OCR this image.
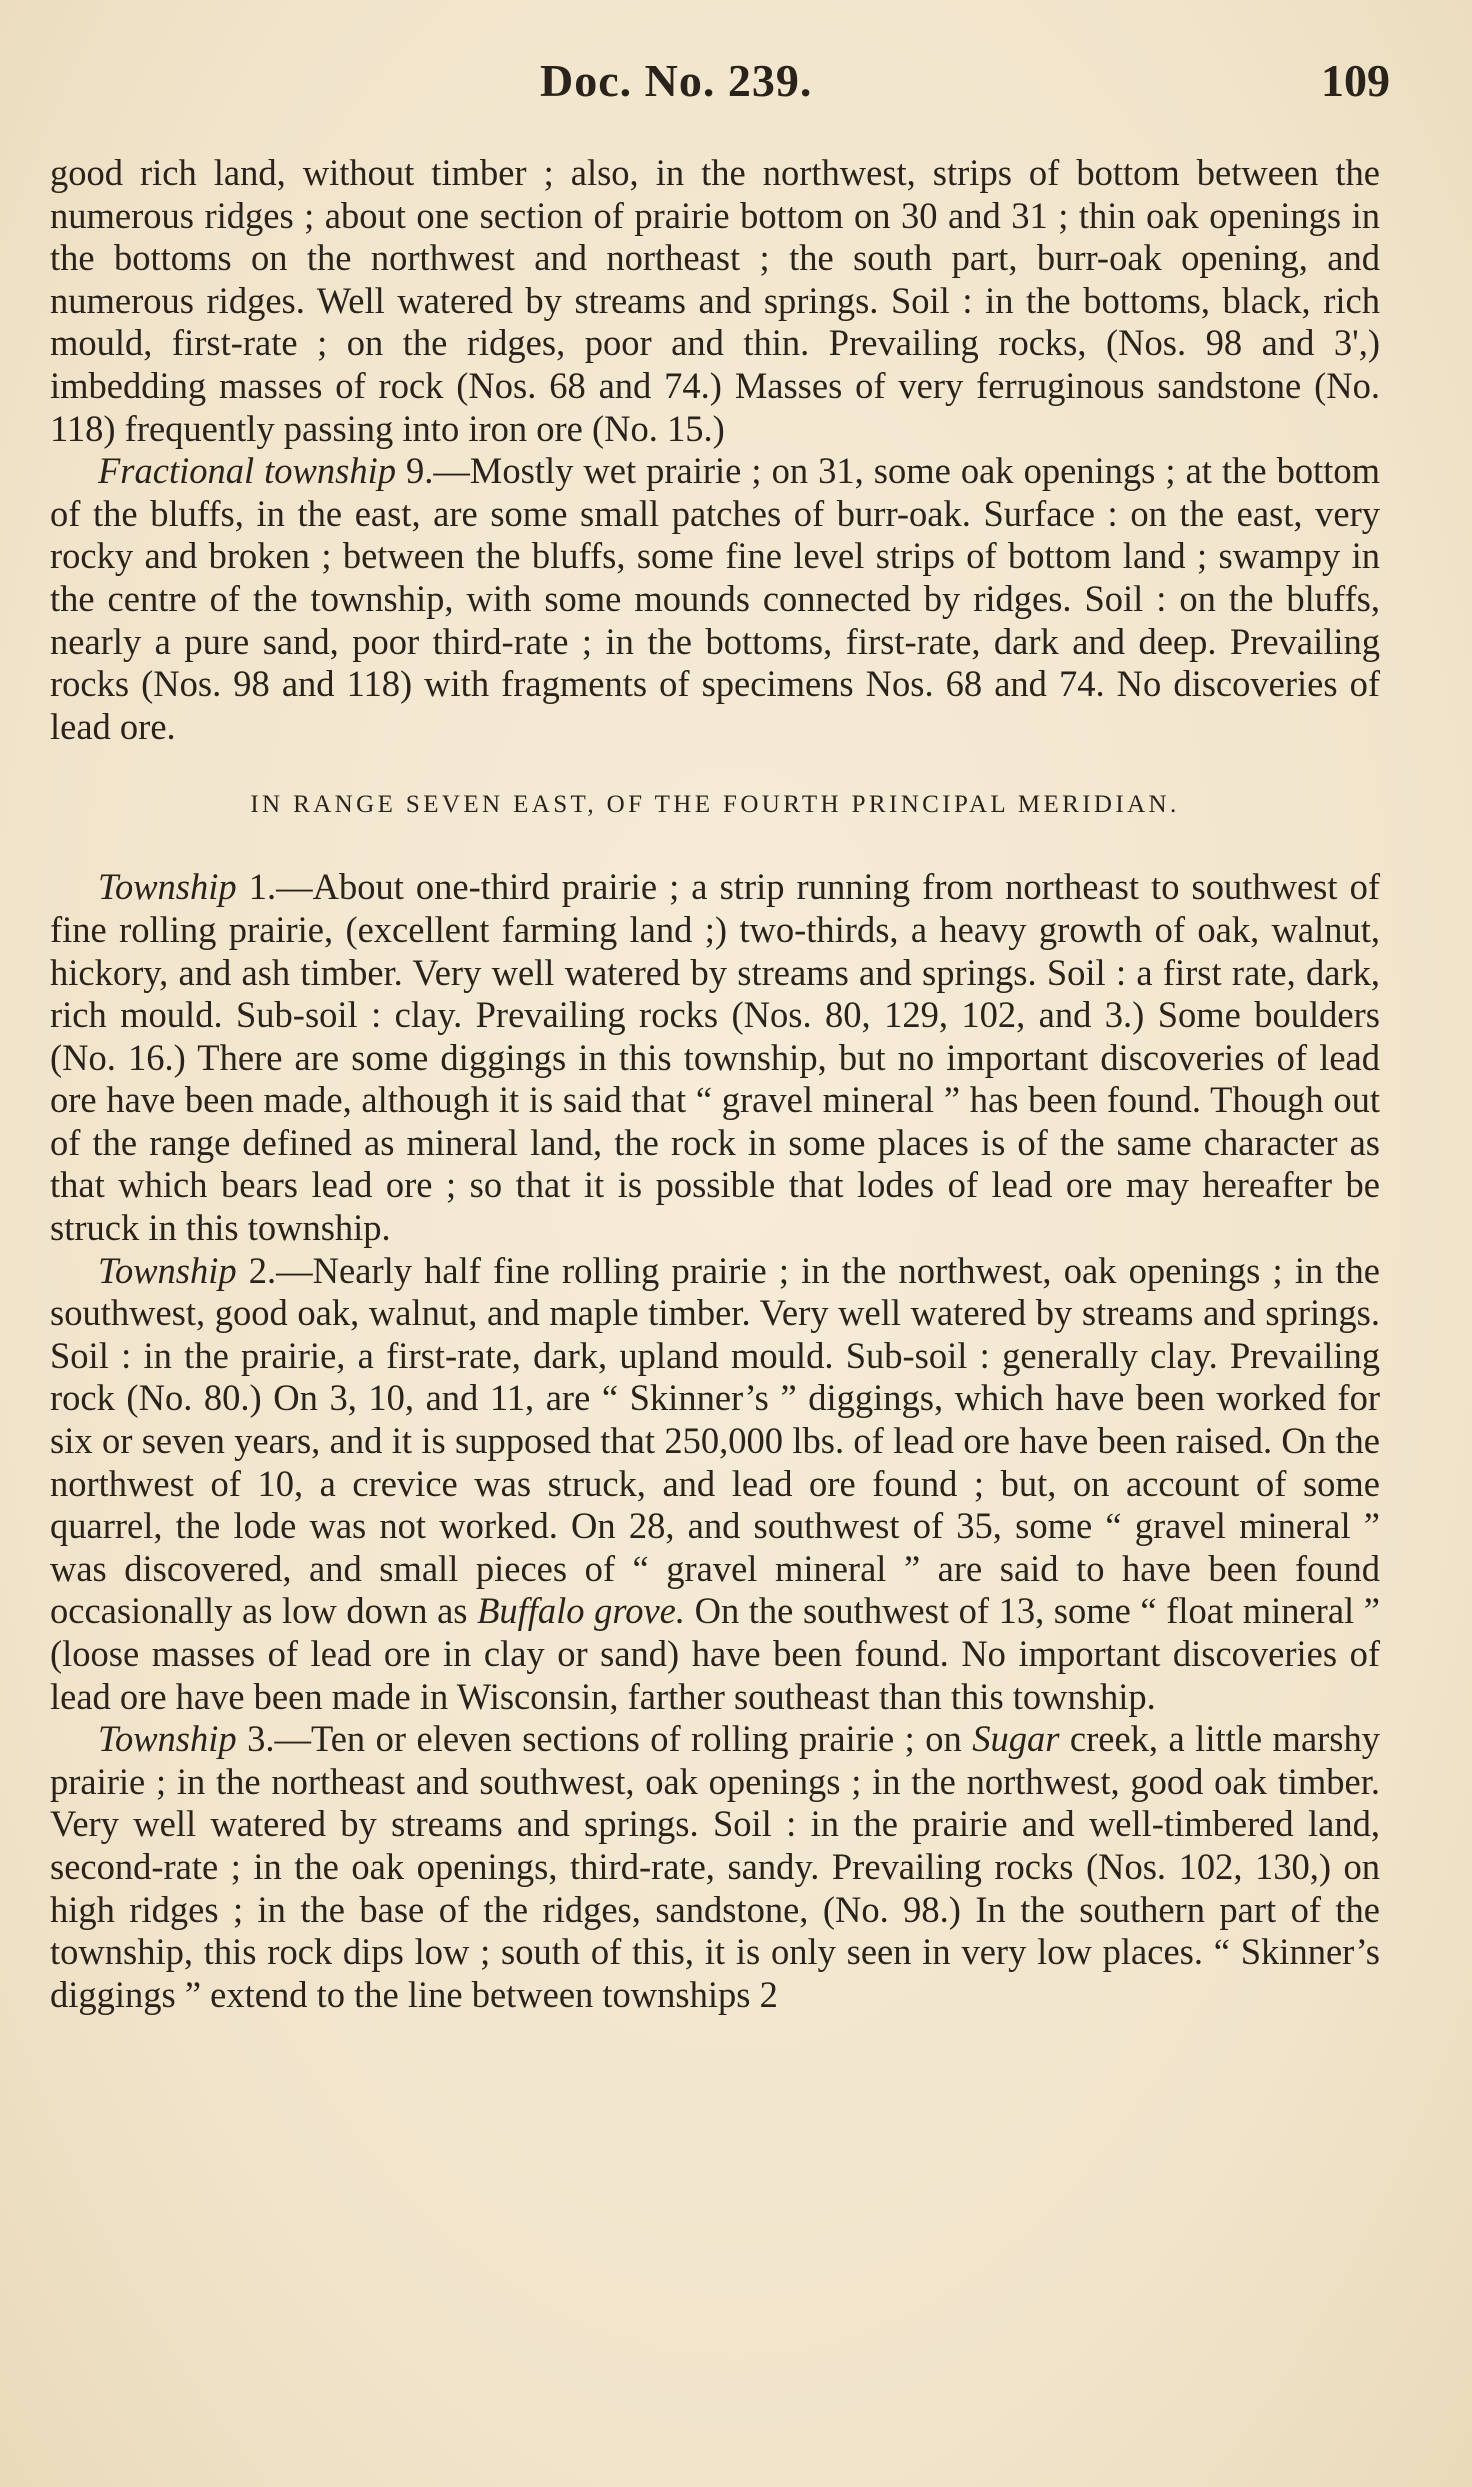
Doc. No. 239.	109

good rich land, without timber ; also, in the northwest, strips of bottom between the numerous ridges ; about one section of prairie bottom on 30 and 31 ; thin oak openings in the bottoms on the northwest and northeast ; the south part, burr-oak opening, and numerous ridges. Well watered by streams and springs. Soil : in the bottoms, black, rich mould, first-rate ; on the ridges, poor and thin. Prevailing rocks, (Nos. 98 and 3',) imbedding masses of rock (Nos. 68 and 74.) Masses of very ferruginous sandstone (No. 118) frequently passing into iron ore (No. 15.)

Fractional township 9.—Mostly wet prairie ; on 31, some oak openings ; at the bottom of the bluffs, in the east, are some small patches of burr-oak. Surface : on the east, very rocky and broken ; between the bluffs, some fine level strips of bottom land ; swampy in the centre of the township, with some mounds connected by ridges. Soil : on the bluffs, nearly a pure sand, poor third-rate ; in the bottoms, first-rate, dark and deep. Prevailing rocks (Nos. 98 and 118) with fragments of specimens Nos. 68 and 74. No discoveries of lead ore.

IN RANGE SEVEN EAST, OF THE FOURTH PRINCIPAL MERIDIAN.

Township 1.—About one-third prairie ; a strip running from northeast to southwest of fine rolling prairie, (excellent farming land ;) two-thirds, a heavy growth of oak, walnut, hickory, and ash timber. Very well watered by streams and springs. Soil : a first rate, dark, rich mould. Sub-soil : clay. Prevailing rocks (Nos. 80, 129, 102, and 3.) Some boulders (No. 16.) There are some diggings in this township, but no important discoveries of lead ore have been made, although it is said that “ gravel mineral ” has been found. Though out of the range defined as mineral land, the rock in some places is of the same character as that which bears lead ore ; so that it is possible that lodes of lead ore may hereafter be struck in this township.

Township 2.—Nearly half fine rolling prairie ; in the northwest, oak openings ; in the southwest, good oak, walnut, and maple timber. Very well watered by streams and springs. Soil : in the prairie, a first-rate, dark, upland mould. Sub-soil : generally clay. Prevailing rock (No. 80.) On 3, 10, and 11, are “ Skinner’s ” diggings, which have been worked for six or seven years, and it is supposed that 250,000 lbs. of lead ore have been raised. On the northwest of 10, a crevice was struck, and lead ore found ; but, on account of some quarrel, the lode was not worked. On 28, and southwest of 35, some “ gravel mineral ” was discovered, and small pieces of “ gravel mineral ” are said to have been found occasionally as low down as Buffalo grove. On the southwest of 13, some “ float mineral ” (loose masses of lead ore in clay or sand) have been found. No important discoveries of lead ore have been made in Wisconsin, farther southeast than this township.

Township 3.—Ten or eleven sections of rolling prairie ; on Sugar creek, a little marshy prairie ; in the northeast and southwest, oak openings ; in the northwest, good oak timber. Very well watered by streams and springs. Soil : in the prairie and well-timbered land, second-rate ; in the oak openings, third-rate, sandy. Prevailing rocks (Nos. 102, 130,) on high ridges ; in the base of the ridges, sandstone, (No. 98.) In the southern part of the township, this rock dips low ; south of this, it is only seen in very low places. “ Skinner’s diggings ” extend to the line between townships 2
